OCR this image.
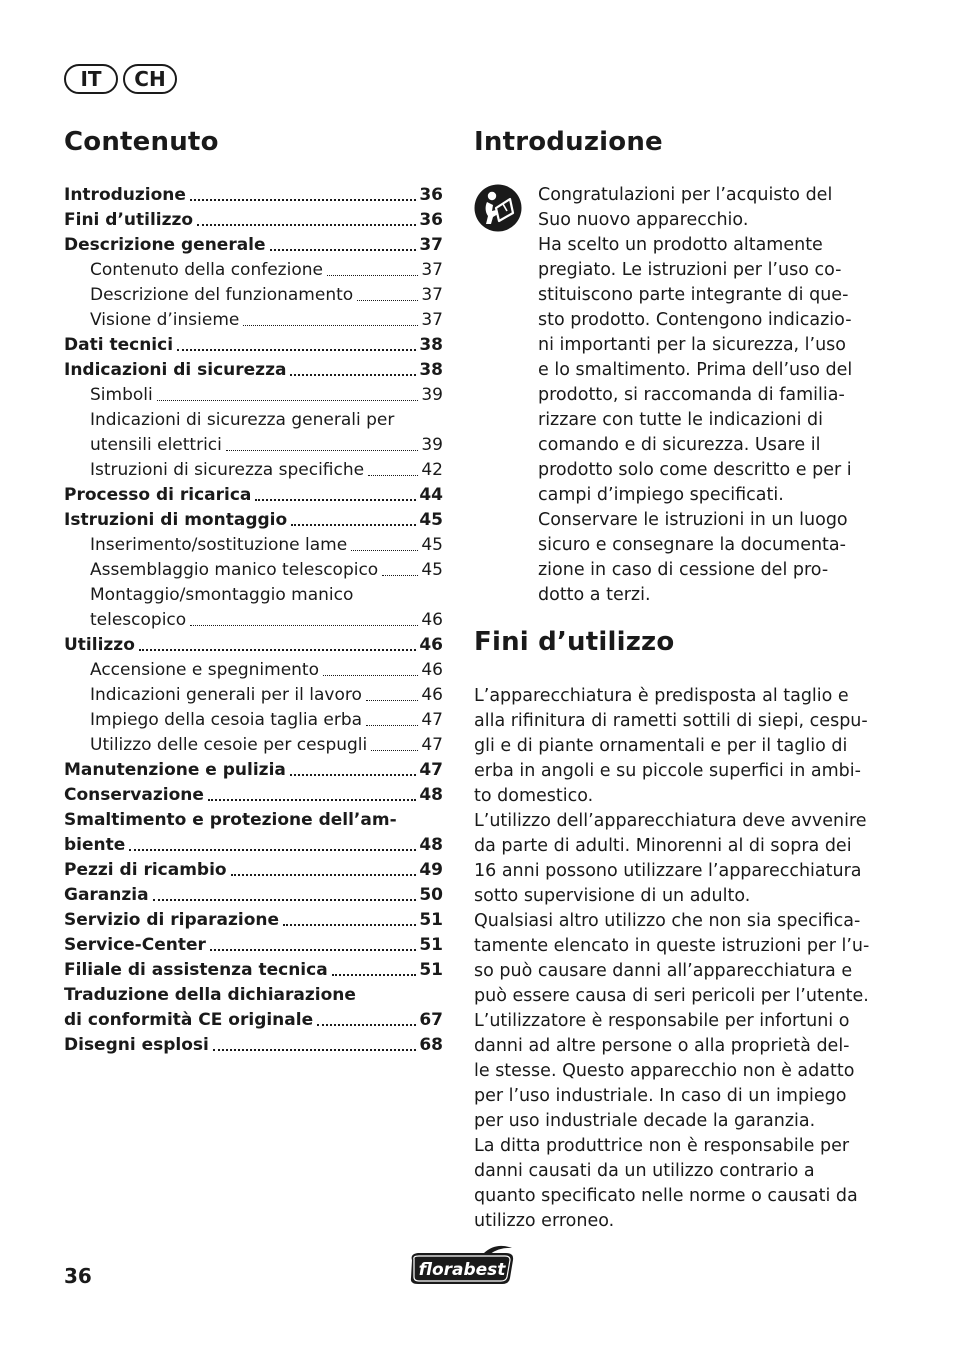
IT	CH
Contenuto
Introduzione	36
Fini d’utilizzo	36
Descrizione generale	37
Contenuto della confezione	37
Descrizione del funzionamento	37
Visione d’insieme	37
Dati tecnici	38
Indicazioni di sicurezza	38
Simboli	39
Indicazioni di sicurezza generali per
utensili elettrici	39
Istruzioni di sicurezza specifiche	42
Processo di ricarica	44
Istruzioni di montaggio	45
Inserimento/sostituzione lame	45
Assemblaggio manico telescopico	45
Montaggio/smontaggio manico
telescopico	46
Utilizzo	46
Accensione e spegnimento	46
Indicazioni generali per il lavoro	46
Impiego della cesoia taglia erba	47
Utilizzo delle cesoie per cespugli	47
Manutenzione e pulizia	47
Conservazione	48
Smaltimento e protezione dell’am-
biente	48
Pezzi di ricambio	49
Garanzia	50
Servizio di riparazione	51
Service-Center	51
Filiale di assistenza tecnica	51
Traduzione della dichiarazione
di conformità CE originale	67
Disegni esplosi	68
Introduzione
Congratulazioni per l’acquisto del
Suo nuovo apparecchio.
Ha scelto un prodotto altamente
pregiato. Le istruzioni per l’uso co-
stituiscono parte integrante di que-
sto prodotto. Contengono indicazio-
ni importanti per la sicurezza, l’uso
e lo smaltimento. Prima dell’uso del
prodotto, si raccomanda di familia-
rizzare con tutte le indicazioni di
comando e di sicurezza. Usare il
prodotto solo come descritto e per i
campi d’impiego specificati.
Conservare le istruzioni in un luogo
sicuro e consegnare la documenta-
zione in caso di cessione del pro-
dotto a terzi.
Fini d’utilizzo
L’apparecchiatura è predisposta al taglio e
alla rifinitura di rametti sottili di siepi, cespu-
gli e di piante ornamentali e per il taglio di
erba in angoli e su piccole superfici in ambi-
to domestico.
L’utilizzo dell’apparecchiatura deve avvenire
da parte di adulti. Minorenni al di sopra dei
16 anni possono utilizzare l’apparecchiatura
sotto supervisione di un adulto.
Qualsiasi altro utilizzo che non sia specifica-
tamente elencato in queste istruzioni per l’u-
so può causare danni all’apparecchiatura e
può essere causa di seri pericoli per l’utente.
L’utilizzatore è responsabile per infortuni o
danni ad altre persone o alla proprietà del-
le stesse. Questo apparecchio non è adatto
per l’uso industriale. In caso di un impiego
per uso industriale decade la garanzia.
La ditta produttrice non è responsabile per
danni causati da un utilizzo contrario a
quanto specificato nelle norme o causati da
utilizzo erroneo.
36	florabest
